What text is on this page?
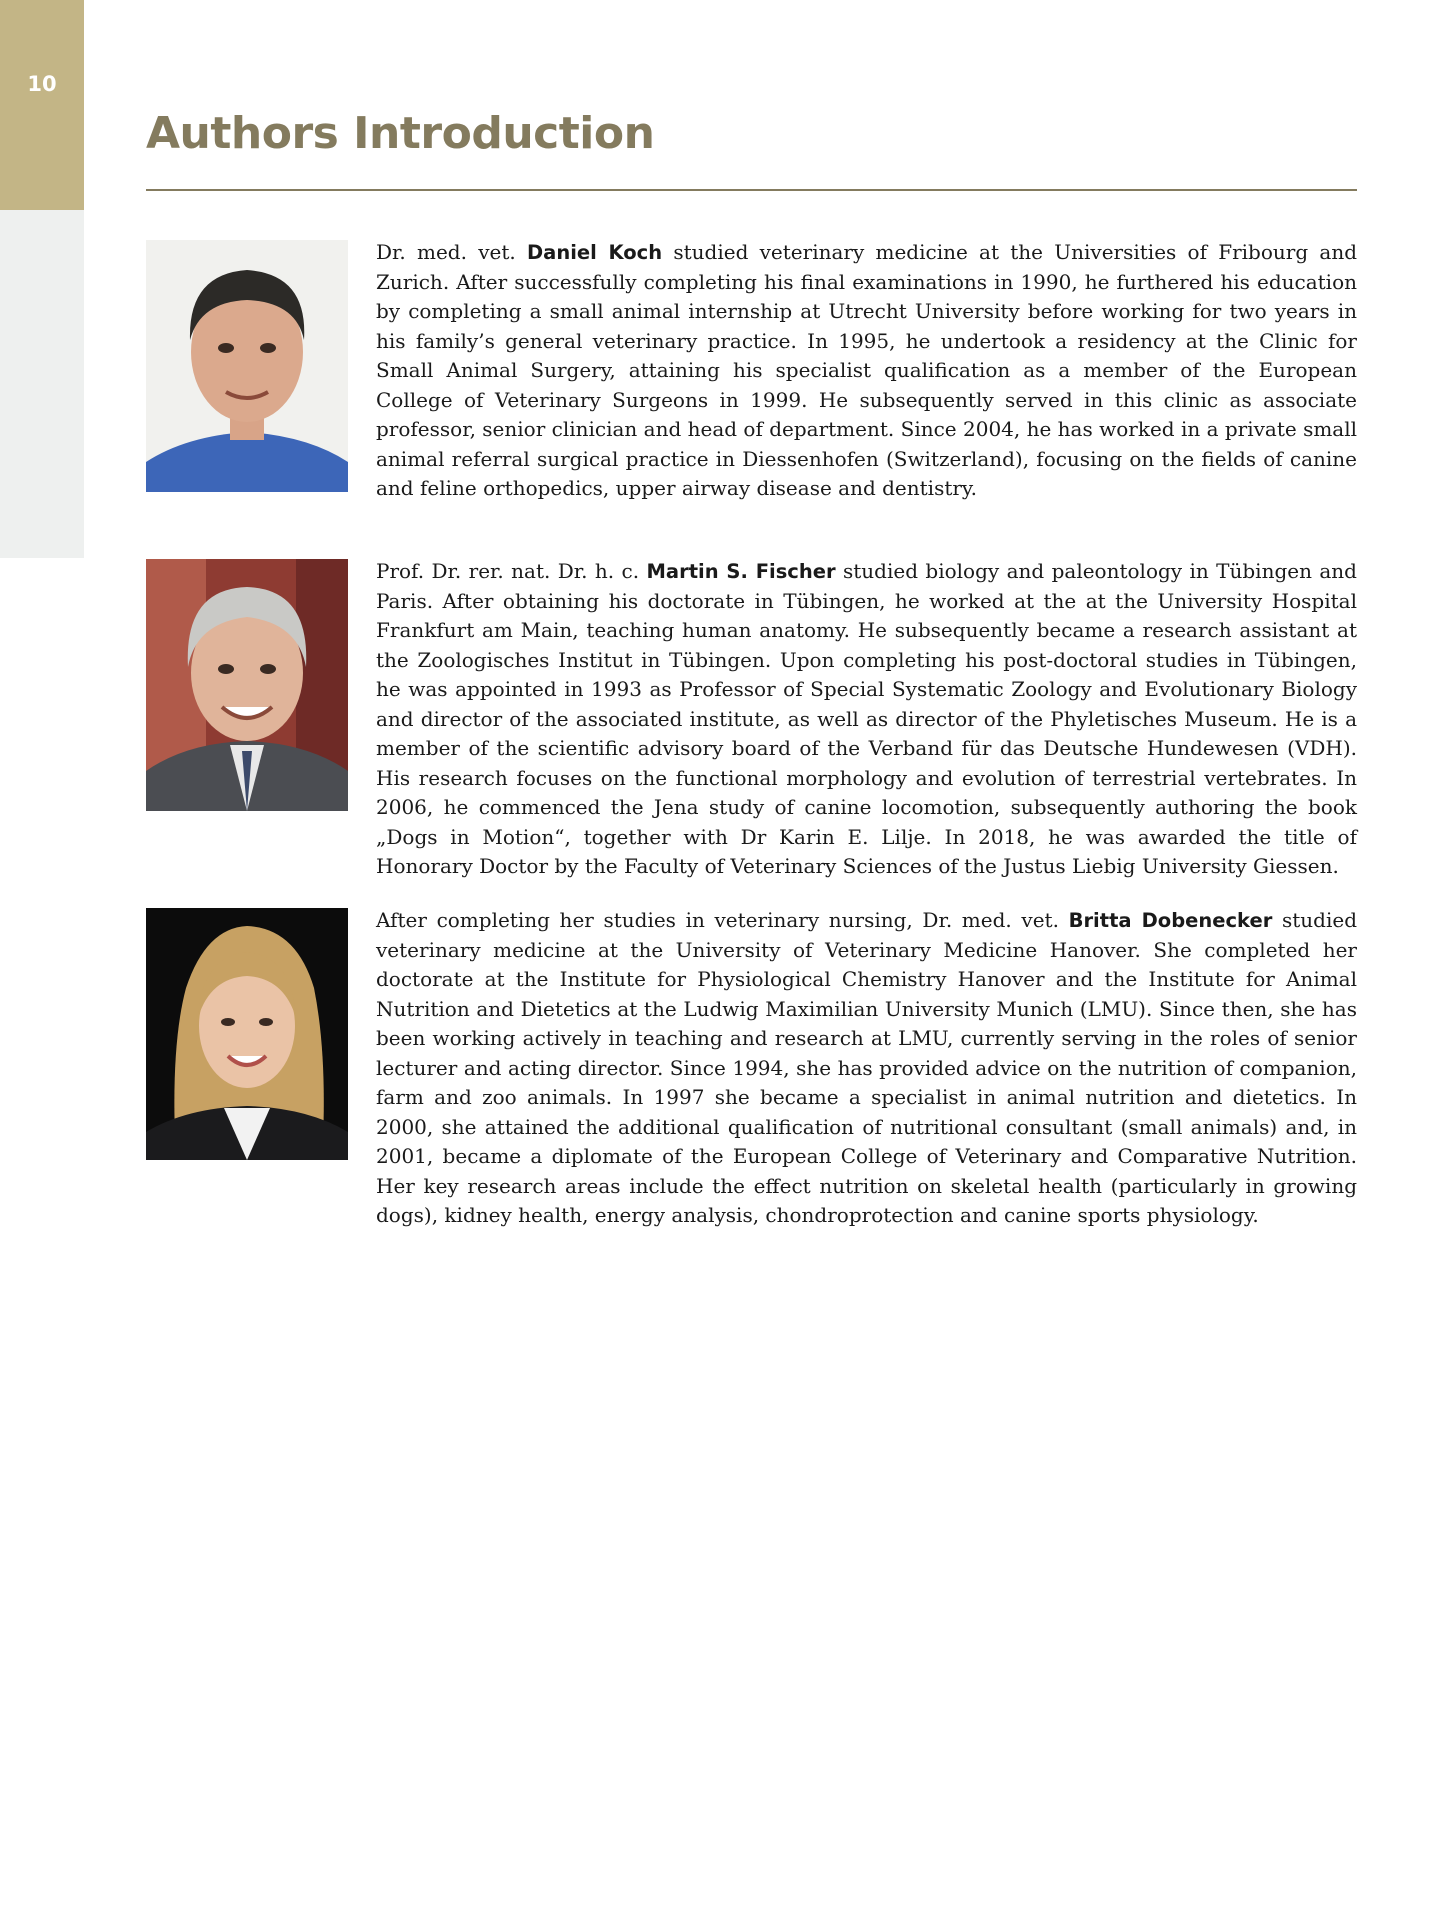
10
Authors Introduction

Dr. med. vet. Daniel Koch studied veterinary medicine at the Universities of Fribourg and Zurich. After successfully completing his final examinations in 1990, he furthered his education by completing a small animal internship at Utrecht University before working for two years in his family’s general veterinary practice. In 1995, he undertook a residency at the Clinic for Small Animal Surgery, attaining his specialist qualification as a member of the European College of Veterinary Surgeons in 1999. He subsequently served in this clinic as associate professor, senior clinician and head of department. Since 2004, he has worked in a private small animal referral surgical practice in Diessenhofen (Switzerland), focusing on the fields of canine and feline orthopedics, upper airway disease and dentistry.

Prof. Dr. rer. nat. Dr. h. c. Martin S. Fischer studied biology and paleontology in Tübingen and Paris. After obtaining his doctorate in Tübingen, he worked at the at the University Hospital Frankfurt am Main, teaching human anatomy. He subsequently became a research assistant at the Zoologisches Institut in Tübingen. Upon completing his post-doctoral studies in Tübingen, he was appointed in 1993 as Professor of Special Systematic Zoology and Evolutionary Biology and director of the associated institute, as well as director of the Phyletisches Museum. He is a member of the scientific advisory board of the Verband für das Deutsche Hundewesen (VDH). His research focuses on the functional morphology and evolution of terrestrial vertebrates. In 2006, he commenced the Jena study of canine locomotion, subsequently authoring the book „Dogs in Motion“, together with Dr Karin E. Lilje. In 2018, he was awarded the title of Honorary Doctor by the Faculty of Veterinary Sciences of the Justus Liebig University Giessen.

After completing her studies in veterinary nursing, Dr. med. vet. Britta Dobenecker studied veterinary medicine at the University of Veterinary Medicine Hanover. She completed her doctorate at the Institute for Physiological Chemistry Hanover and the Institute for Animal Nutrition and Dietetics at the Ludwig Maximilian University Munich (LMU). Since then, she has been working actively in teaching and research at LMU, currently serving in the roles of senior lecturer and acting director. Since 1994, she has provided advice on the nutrition of companion, farm and zoo animals. In 1997 she became a specialist in animal nutrition and dietetics. In 2000, she attained the additional qualification of nutritional consultant (small animals) and, in 2001, became a diplomate of the European College of Veterinary and Comparative Nutrition. Her key research areas include the effect nutrition on skeletal health (particularly in growing dogs), kidney health, energy analysis, chondroprotection and canine sports physiology.
